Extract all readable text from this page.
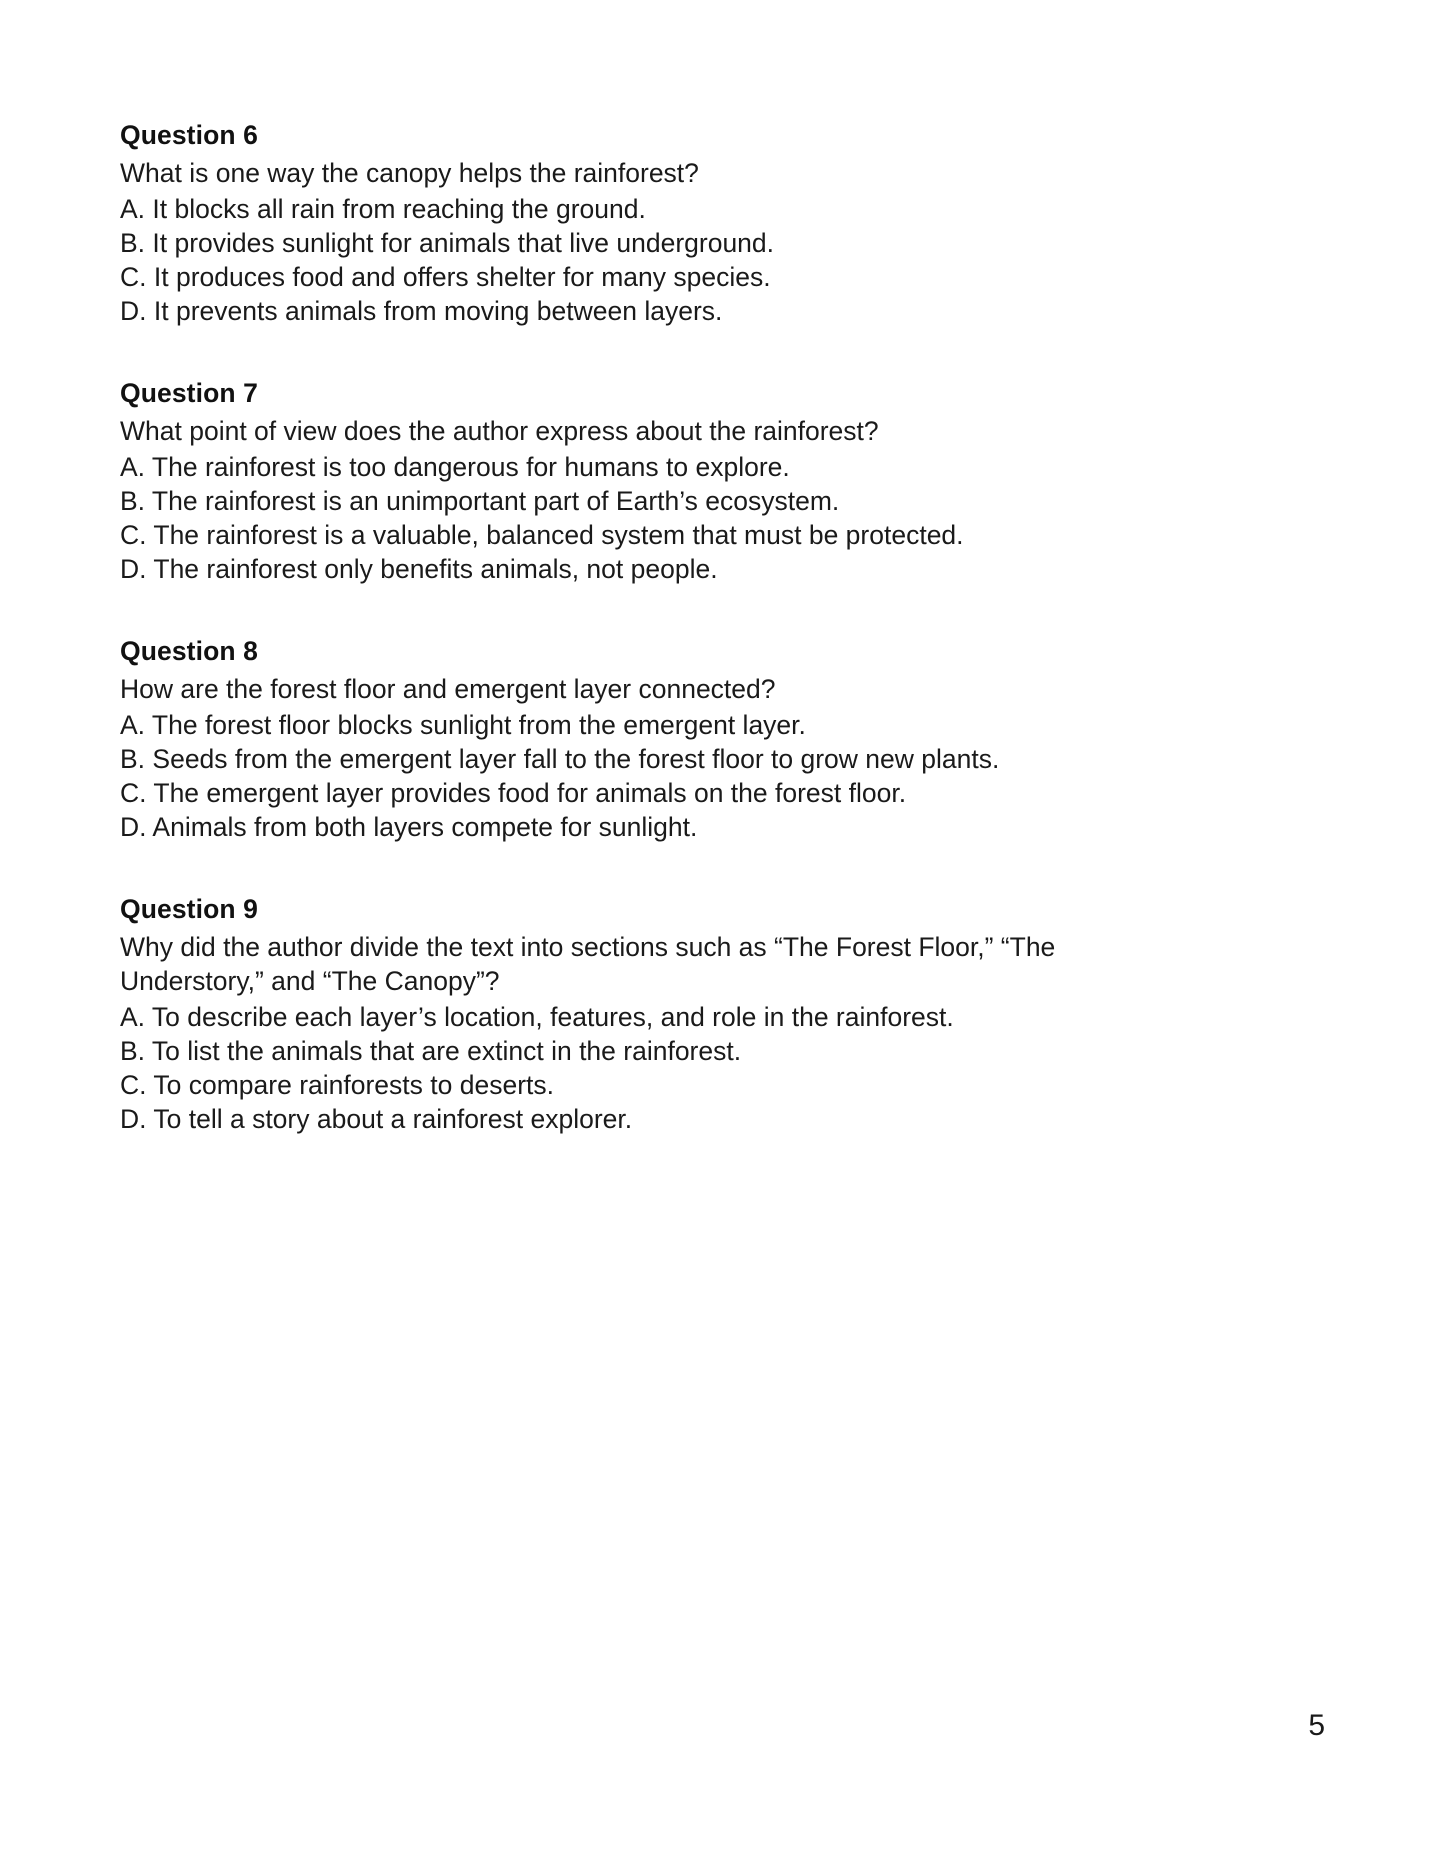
Question 6

What is one way the canopy helps the rainforest?

A. It blocks all rain from reaching the ground.
B. It provides sunlight for animals that live underground.
C. It produces food and offers shelter for many species.
D. It prevents animals from moving between layers.
Question 7

What point of view does the author express about the rainforest?

A. The rainforest is too dangerous for humans to explore.
B. The rainforest is an unimportant part of Earth’s ecosystem.
C. The rainforest is a valuable, balanced system that must be protected.
D. The rainforest only benefits animals, not people.
Question 8

How are the forest floor and emergent layer connected?

A. The forest floor blocks sunlight from the emergent layer.
B. Seeds from the emergent layer fall to the forest floor to grow new plants.
C. The emergent layer provides food for animals on the forest floor.
D. Animals from both layers compete for sunlight.
Question 9

Why did the author divide the text into sections such as “The Forest Floor,” “The Understory,” and “The Canopy”?

A. To describe each layer’s location, features, and role in the rainforest.
B. To list the animals that are extinct in the rainforest.
C. To compare rainforests to deserts.
D. To tell a story about a rainforest explorer.
5
